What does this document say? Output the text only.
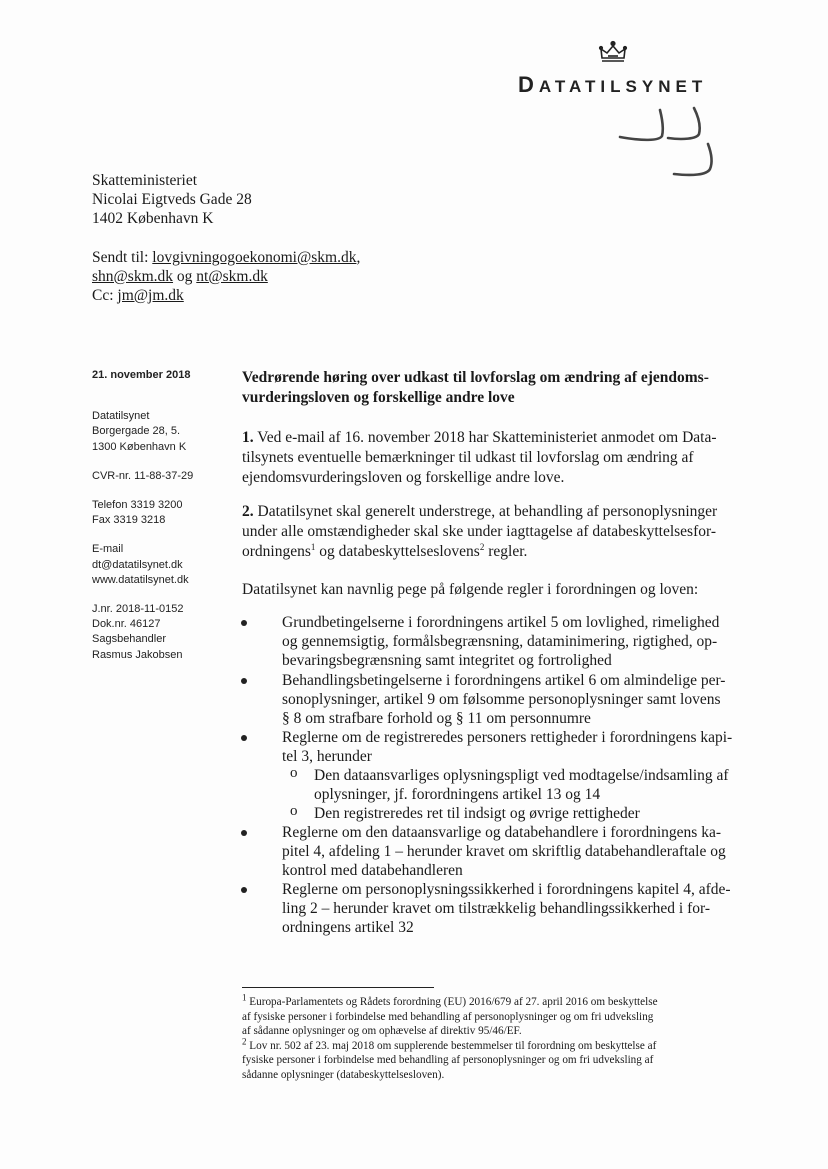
DATATILSYNET
Skatteministeriet
Nicolai Eigtveds Gade 28
1402 København K
Sendt til: lovgivningogoekonomi@skm.dk,
shn@skm.dk og nt@skm.dk
Cc: jm@jm.dk
21. november 2018
Datatilsynet
Borgergade 28, 5.
1300 København K
CVR-nr. 11-88-37-29
Telefon 3319 3200
Fax 3319 3218
E-mail
dt@datatilsynet.dk
www.datatilsynet.dk
J.nr. 2018-11-0152
Dok.nr. 46127
Sagsbehandler
Rasmus Jakobsen
Vedrørende høring over udkast til lovforslag om ændring af ejendoms-
vurderingsloven og forskellige andre love
1. Ved e-mail af 16. november 2018 har Skatteministeriet anmodet om Data-
tilsynets eventuelle bemærkninger til udkast til lovforslag om ændring af
ejendomsvurderingsloven og forskellige andre love.
2. Datatilsynet skal generelt understrege, at behandling af personoplysninger
under alle omstændigheder skal ske under iagttagelse af databeskyttelsesfor-
ordningens$^1$ og databeskyttelseslovens$^2$ regler.
Datatilsynet kan navnlig pege på følgende regler i forordningen og loven:
Grundbetingelserne i forordningens artikel 5 om lovlighed, rimelighed
og gennemsigtig, formålsbegrænsning, dataminimering, rigtighed, op-
bevaringsbegrænsning samt integritet og fortrolighed
Behandlingsbetingelserne i forordningens artikel 6 om almindelige per-
sonoplysninger, artikel 9 om følsomme personoplysninger samt lovens
§ 8 om strafbare forhold og § 11 om personnumre
Reglerne om de registreredes personers rettigheder i forordningens kapi-
tel 3, herunder
o Den dataansvarliges oplysningspligt ved modtagelse/indsamling af
oplysninger, jf. forordningens artikel 13 og 14
o Den registreredes ret til indsigt og øvrige rettigheder
Reglerne om den dataansvarlige og databehandlere i forordningens ka-
pitel 4, afdeling 1 – herunder kravet om skriftlig databehandleraftale og
kontrol med databehandleren
Reglerne om personoplysningssikkerhed i forordningens kapitel 4, afde-
ling 2 – herunder kravet om tilstrækkelig behandlingssikkerhed i for-
ordningens artikel 32
$^1$ Europa-Parlamentets og Rådets forordning (EU) 2016/679 af 27. april 2016 om beskyttelse
af fysiske personer i forbindelse med behandling af personoplysninger og om fri udveksling
af sådanne oplysninger og om ophævelse af direktiv 95/46/EF.
$^2$ Lov nr. 502 af 23. maj 2018 om supplerende bestemmelser til forordning om beskyttelse af
fysiske personer i forbindelse med behandling af personoplysninger og om fri udveksling af
sådanne oplysninger (databeskyttelsesloven).
